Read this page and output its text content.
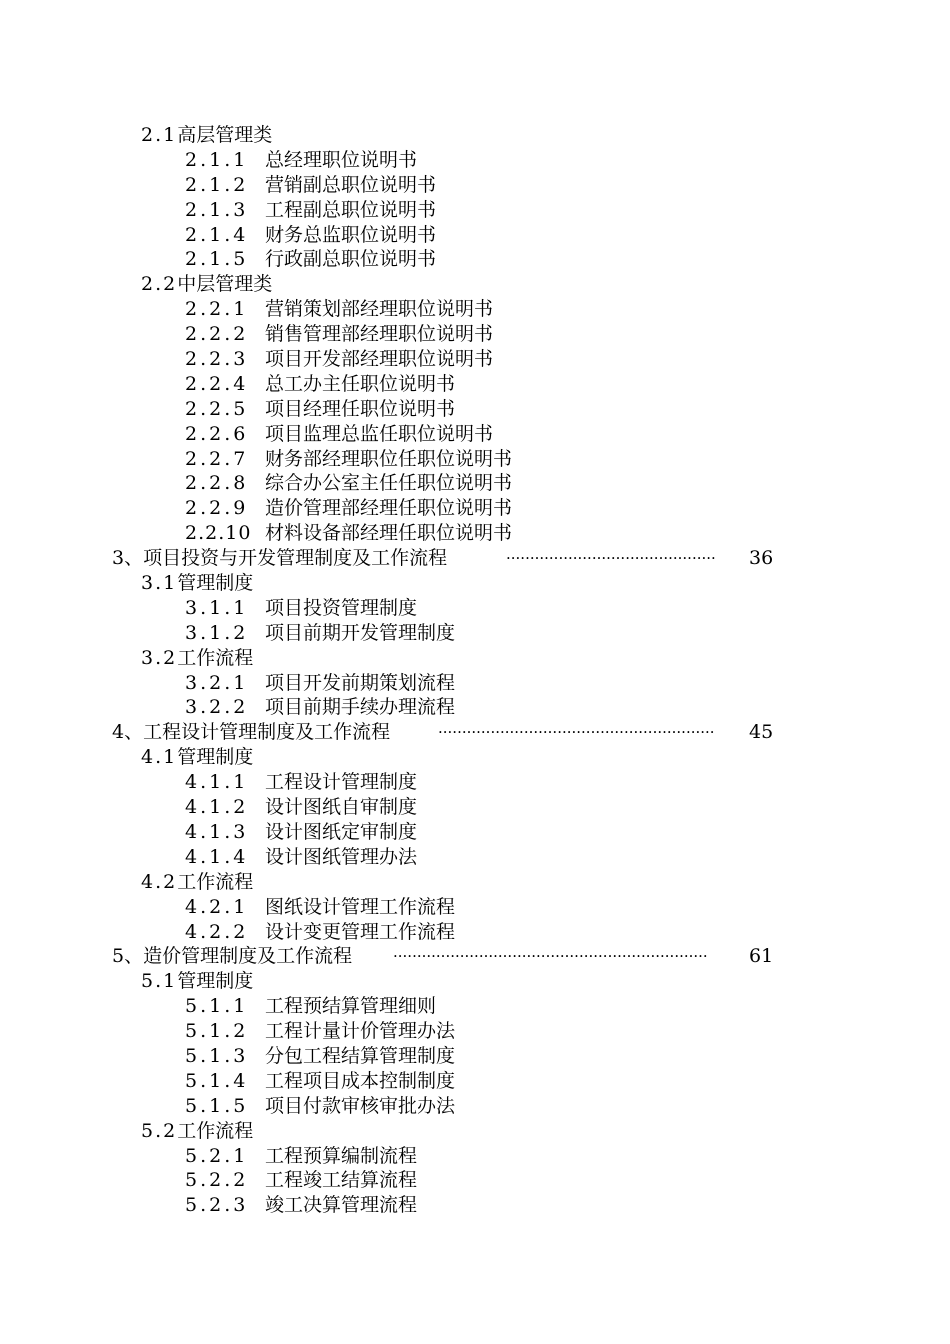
2.1高层管理类
2.1.1 总经理职位说明书
2.1.2 营销副总职位说明书
2.1.3 工程副总职位说明书
2.1.4 财务总监职位说明书
2.1.5 行政副总职位说明书
2.2中层管理类
2.2.1 营销策划部经理职位说明书
2.2.2 销售管理部经理职位说明书
2.2.3 项目开发部经理职位说明书
2.2.4 总工办主任职位说明书
2.2.5 项目经理任职位说明书
2.2.6 项目监理总监任职位说明书
2.2.7 财务部经理职位任职位说明书
2.2.8 综合办公室主任任职位说明书
2.2.9 造价管理部经理任职位说明书
2.2.10 材料设备部经理任职位说明书
3、项目投资与开发管理制度及工作流程	············································	36
3.1管理制度
3.1.1 项目投资管理制度
3.1.2 项目前期开发管理制度
3.2工作流程
3.2.1 项目开发前期策划流程
3.2.2 项目前期手续办理流程
4、工程设计管理制度及工作流程	··························································	45
4.1管理制度
4.1.1 工程设计管理制度
4.1.2 设计图纸自审制度
4.1.3 设计图纸定审制度
4.1.4 设计图纸管理办法
4.2工作流程
4.2.1 图纸设计管理工作流程
4.2.2 设计变更管理工作流程
5、造价管理制度及工作流程	··································································	61
5.1管理制度
5.1.1 工程预结算管理细则
5.1.2 工程计量计价管理办法
5.1.3 分包工程结算管理制度
5.1.4 工程项目成本控制制度
5.1.5 项目付款审核审批办法
5.2工作流程
5.2.1 工程预算编制流程
5.2.2 工程竣工结算流程
5.2.3 竣工决算管理流程
